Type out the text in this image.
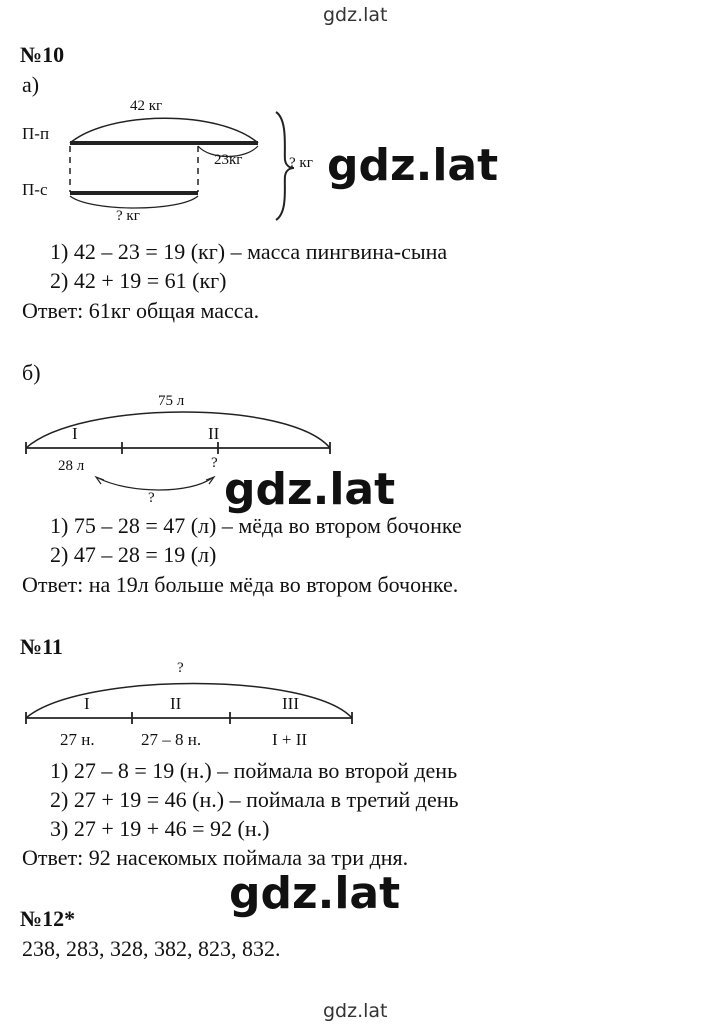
gdz.lat
№10
а)
П-п
П-с
42 кг
23кг	? кг
? кг
gdz.lat
1) 42 – 23 = 19 (кг) – масса пингвина-сына
2) 42 + 19 = 61 (кг)
Ответ: 61кг общая масса.
б)
75 л
I	II
28 л	?
? gdz.lat
1) 75 – 28 = 47 (л) – мёда во втором бочонке
2) 47 – 28 = 19 (л)
Ответ: на 19л больше мёда во втором бочонке.
№11
?
I	II	III
27 н.	27 – 8 н.	I + II
1) 27 – 8 = 19 (н.) – поймала во второй день
2) 27 + 19 = 46 (н.) – поймала в третий день
3) 27 + 19 + 46 = 92 (н.)
Ответ: 92 насекомых поймала за три дня.
gdz.lat
№12*
238, 283, 328, 382, 823, 832.
gdz.lat
